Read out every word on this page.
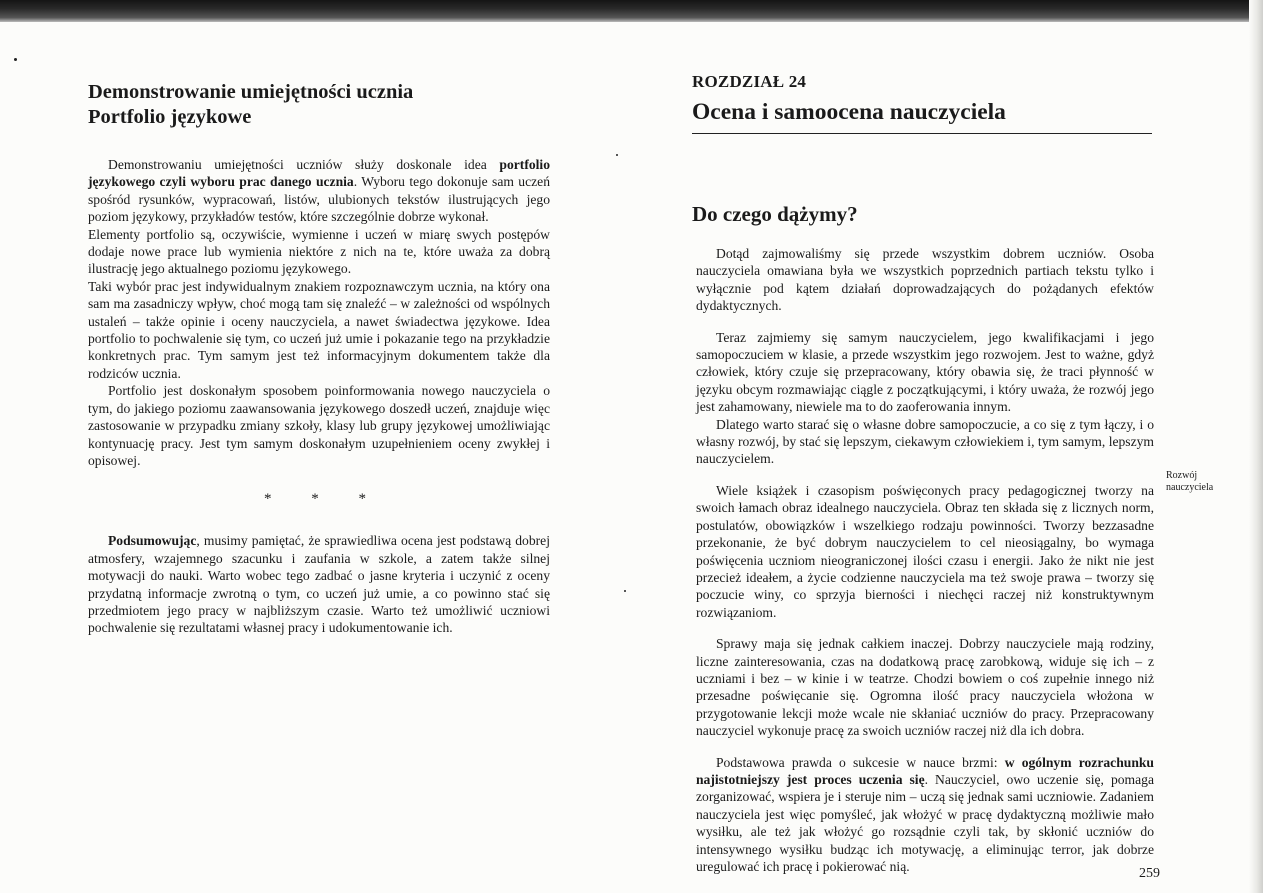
Demonstrowanie umiejętności ucznia
Portfolio językowe

Demonstrowaniu umiejętności uczniów służy doskonale idea portfolio językowego czyli wyboru prac danego ucznia. Wyboru tego dokonuje sam uczeń spośród rysunków, wypracowań, listów, ulubionych tekstów ilustrujących jego poziom językowy, przykładów testów, które szczególnie dobrze wykonał.

Elementy portfolio są, oczywiście, wymienne i uczeń w miarę swych postępów dodaje nowe prace lub wymienia niektóre z nich na te, które uważa za dobrą ilustrację jego aktualnego poziomu językowego.

Taki wybór prac jest indywidualnym znakiem rozpoznawczym ucznia, na który ona sam ma zasadniczy wpływ, choć mogą tam się znaleźć – w zależności od wspólnych ustaleń – także opinie i oceny nauczyciela, a nawet świadectwa językowe. Idea portfolio to pochwalenie się tym, co uczeń już umie i pokazanie tego na przykładzie konkretnych prac. Tym samym jest też informacyjnym dokumentem także dla rodziców ucznia.

Portfolio jest doskonałym sposobem poinformowania nowego nauczyciela o tym, do jakiego poziomu zaawansowania językowego doszedł uczeń, znajduje więc zastosowanie w przypadku zmiany szkoły, klasy lub grupy językowej umożliwiając kontynuację pracy. Jest tym samym doskonałym uzupełnieniem oceny zwykłej i opisowej.

* * *

Podsumowując, musimy pamiętać, że sprawiedliwa ocena jest podstawą dobrej atmosfery, wzajemnego szacunku i zaufania w szkole, a zatem także silnej motywacji do nauki. Warto wobec tego zadbać o jasne kryteria i uczynić z oceny przydatną informacje zwrotną o tym, co uczeń już umie, a co powinno stać się przedmiotem jego pracy w najbliższym czasie. Warto też umożliwić uczniowi pochwalenie się rezultatami własnej pracy i udokumentowanie ich.

ROZDZIAŁ 24
Ocena i samoocena nauczyciela
Do czego dążymy?

Dotąd zajmowaliśmy się przede wszystkim dobrem uczniów. Osoba nauczyciela omawiana była we wszystkich poprzednich partiach tekstu tylko i wyłącznie pod kątem działań doprowadzających do pożądanych efektów dydaktycznych.

Teraz zajmiemy się samym nauczycielem, jego kwalifikacjami i jego samopoczuciem w klasie, a przede wszystkim jego rozwojem. Jest to ważne, gdyż człowiek, który czuje się przepracowany, który obawia się, że traci płynność w języku obcym rozmawiając ciągle z początkującymi, i który uważa, że rozwój jego jest zahamowany, niewiele ma to do zaoferowania innym.

Dlatego warto starać się o własne dobre samopoczucie, a co się z tym łączy, i o własny rozwój, by stać się lepszym, ciekawym człowiekiem i, tym samym, lepszym nauczycielem.

Wiele książek i czasopism poświęconych pracy pedagogicznej tworzy na swoich łamach obraz idealnego nauczyciela. Obraz ten składa się z licznych norm, postulatów, obowiązków i wszelkiego rodzaju powinności. Tworzy bezzasadne przekonanie, że być dobrym nauczycielem to cel nieosiągalny, bo wymaga poświęcenia uczniom nieograniczonej ilości czasu i energii. Jako że nikt nie jest przecież ideałem, a życie codzienne nauczyciela ma też swoje prawa – tworzy się poczucie winy, co sprzyja bierności i niechęci raczej niż konstruktywnym rozwiązaniom.

Sprawy maja się jednak całkiem inaczej. Dobrzy nauczyciele mają rodziny, liczne zainteresowania, czas na dodatkową pracę zarobkową, widuje się ich – z uczniami i bez – w kinie i w teatrze. Chodzi bowiem o coś zupełnie innego niż przesadne poświęcanie się. Ogromna ilość pracy nauczyciela włożona w przygotowanie lekcji może wcale nie skłaniać uczniów do pracy. Przepracowany nauczyciel wykonuje pracę za swoich uczniów raczej niż dla ich dobra.

Podstawowa prawda o sukcesie w nauce brzmi: w ogólnym rozrachunku najistotniejszy jest proces uczenia się. Nauczyciel, owo uczenie się, pomaga zorganizować, wspiera je i steruje nim – uczą się jednak sami uczniowie. Zadaniem nauczyciela jest więc pomyśleć, jak włożyć w pracę dydaktyczną możliwie mało wysiłku, ale też jak włożyć go rozsądnie czyli tak, by skłonić uczniów do intensywnego wysiłku budząc ich motywację, a eliminując terror, jak dobrze uregulować ich pracę i pokierować nią.

Rozwój
nauczyciela
259
